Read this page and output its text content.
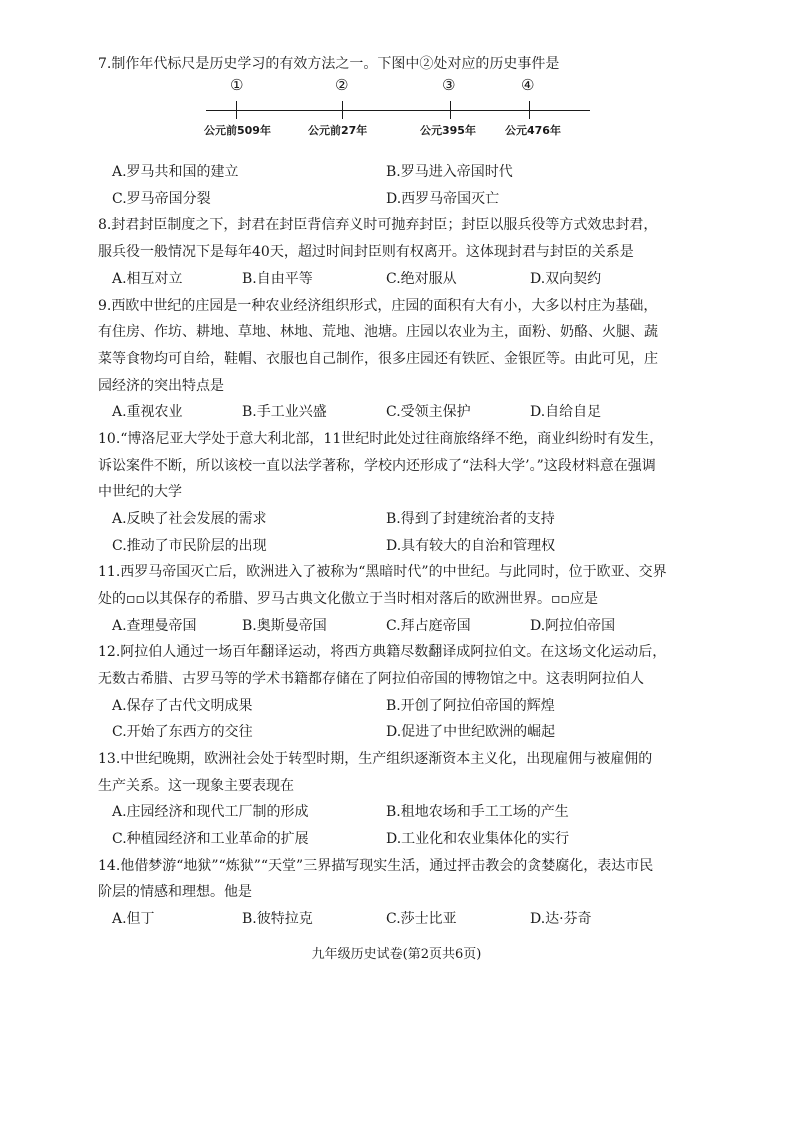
7.制作年代标尺是历史学习的有效方法之一。下图中②处对应的历史事件是
①	②	③	④
公元前509年	公元前27年	公元395年	公元476年
A.罗马共和国的建立	B.罗马进入帝国时代
C.罗马帝国分裂	D.西罗马帝国灭亡
8.封君封臣制度之下，封君在封臣背信弃义时可抛弃封臣；封臣以服兵役等方式效忠封君，
服兵役一般情况下是每年40天，超过时间封臣则有权离开。这体现封君与封臣的关系是
A.相互对立	B.自由平等	C.绝对服从	D.双向契约
9.西欧中世纪的庄园是一种农业经济组织形式，庄园的面积有大有小，大多以村庄为基础，
有住房、作坊、耕地、草地、林地、荒地、池塘。庄园以农业为主，面粉、奶酪、火腿、蔬
菜等食物均可自给，鞋帽、衣服也自己制作，很多庄园还有铁匠、金银匠等。由此可见，庄
园经济的突出特点是
A.重视农业	B.手工业兴盛	C.受领主保护	D.自给自足
10.“博洛尼亚大学处于意大利北部，11世纪时此处过往商旅络绎不绝，商业纠纷时有发生，
诉讼案件不断，所以该校一直以法学著称，学校内还形成了“法科大学’。”这段材料意在强调
中世纪的大学
A.反映了社会发展的需求	B.得到了封建统治者的支持
C.推动了市民阶层的出现	D.具有较大的自治和管理权
11.西罗马帝国灭亡后，欧洲进入了被称为“黑暗时代”的中世纪。与此同时，位于欧亚、交界
处的▫▫以其保存的希腊、罗马古典文化傲立于当时相对落后的欧洲世界。▫▫应是
A.查理曼帝国	B.奥斯曼帝国	C.拜占庭帝国	D.阿拉伯帝国
12.阿拉伯人通过一场百年翻译运动，将西方典籍尽数翻译成阿拉伯文。在这场文化运动后，
无数古希腊、古罗马等的学术书籍都存储在了阿拉伯帝国的博物馆之中。这表明阿拉伯人
A.保存了古代文明成果	B.开创了阿拉伯帝国的辉煌
C.开始了东西方的交往	D.促进了中世纪欧洲的崛起
13.中世纪晚期，欧洲社会处于转型时期，生产组织逐渐资本主义化，出现雇佣与被雇佣的
生产关系。这一现象主要表现在
A.庄园经济和现代工厂制的形成	B.租地农场和手工工场的产生
C.种植园经济和工业革命的扩展	D.工业化和农业集体化的实行
14.他借梦游“地狱”“炼狱”“天堂”三界描写现实生活，通过抨击教会的贪婪腐化，表达市民
阶层的情感和理想。他是
A.但丁	B.彼特拉克	C.莎士比亚	D.达·芬奇
九年级历史试卷(第2页共6页)
